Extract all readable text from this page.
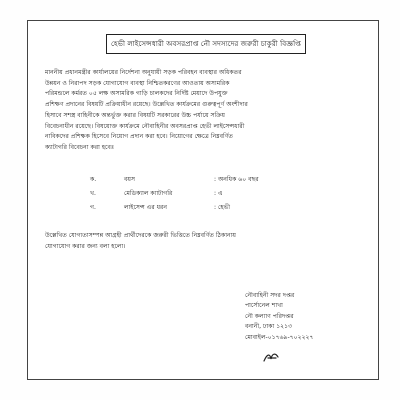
হেভী লাইসেন্সধারী অবসরপ্রাপ্ত নৌ সদস্যদের জরুরী চাকুরী বিজ্ঞপ্তি

মাননীয় প্রধানমন্ত্রীর কার্যালয়ের নির্দেশনা অনুযায়ী সড়ক পরিবহন ব্যবস্থার অধিকতর

উন্নয়ন ও নিরাপদ সড়ক যোগাযোগ ব্যবস্থা নিশ্চিতকরণের আওতায় অসামরিক

পরিমন্ডলে কর্মরত ০৫ লক্ষ অসামরিক গাড়ি চালকদের নির্দিষ্ট মেয়াদে উপযুক্ত

প্রশিক্ষণ প্রদানের বিষয়টি প্রক্রিয়াধীন রয়েছে। উল্লেখিত কার্যক্রমের গুরুত্বপূর্ণ অংশীদার

হিসাবে সশস্ত্র বাহিনীকে অন্তর্ভুক্ত করার বিষয়টি সরকারের উচ্চ পর্যায়ে সক্রিয়

বিবেচনাধীন রয়েছে। বিষয়োক্ত কার্যক্রমে নৌবাহিনীর অবসরপ্রাপ্ত হেভী লাইসেন্সধারী

নাবিকদের প্রশিক্ষক হিসেবে নিয়োগ প্রদান করা হবে। নিয়োগের ক্ষেত্রে নিম্নবর্ণিত

ক্যাটাগরি বিবেচনা করা হবেঃ

ক.	বয়স	: অনধিক ৬০ বছর
খ.	মেডিক্যাল ক্যাটাগরি	: এ
গ.	লাইসেন্স এর ধরন	: হেভী
উল্লেখিত যোগ্যতাসম্পন্ন আগ্রহী প্রার্থীদেরকে জরুরী ভিত্তিতে নিম্নবর্ণিত ঠিকানায়
যোগাযোগ করার জন্য বলা হলো।
নৌবাহিনী সদর দপ্তর
পার্সোনেল শাখা
নৌ কল্যাণ পরিদপ্তর
বনানী, ঢাকা ১২১৩
মোবাইল-০১৭৬৯-৭০২২২৭
